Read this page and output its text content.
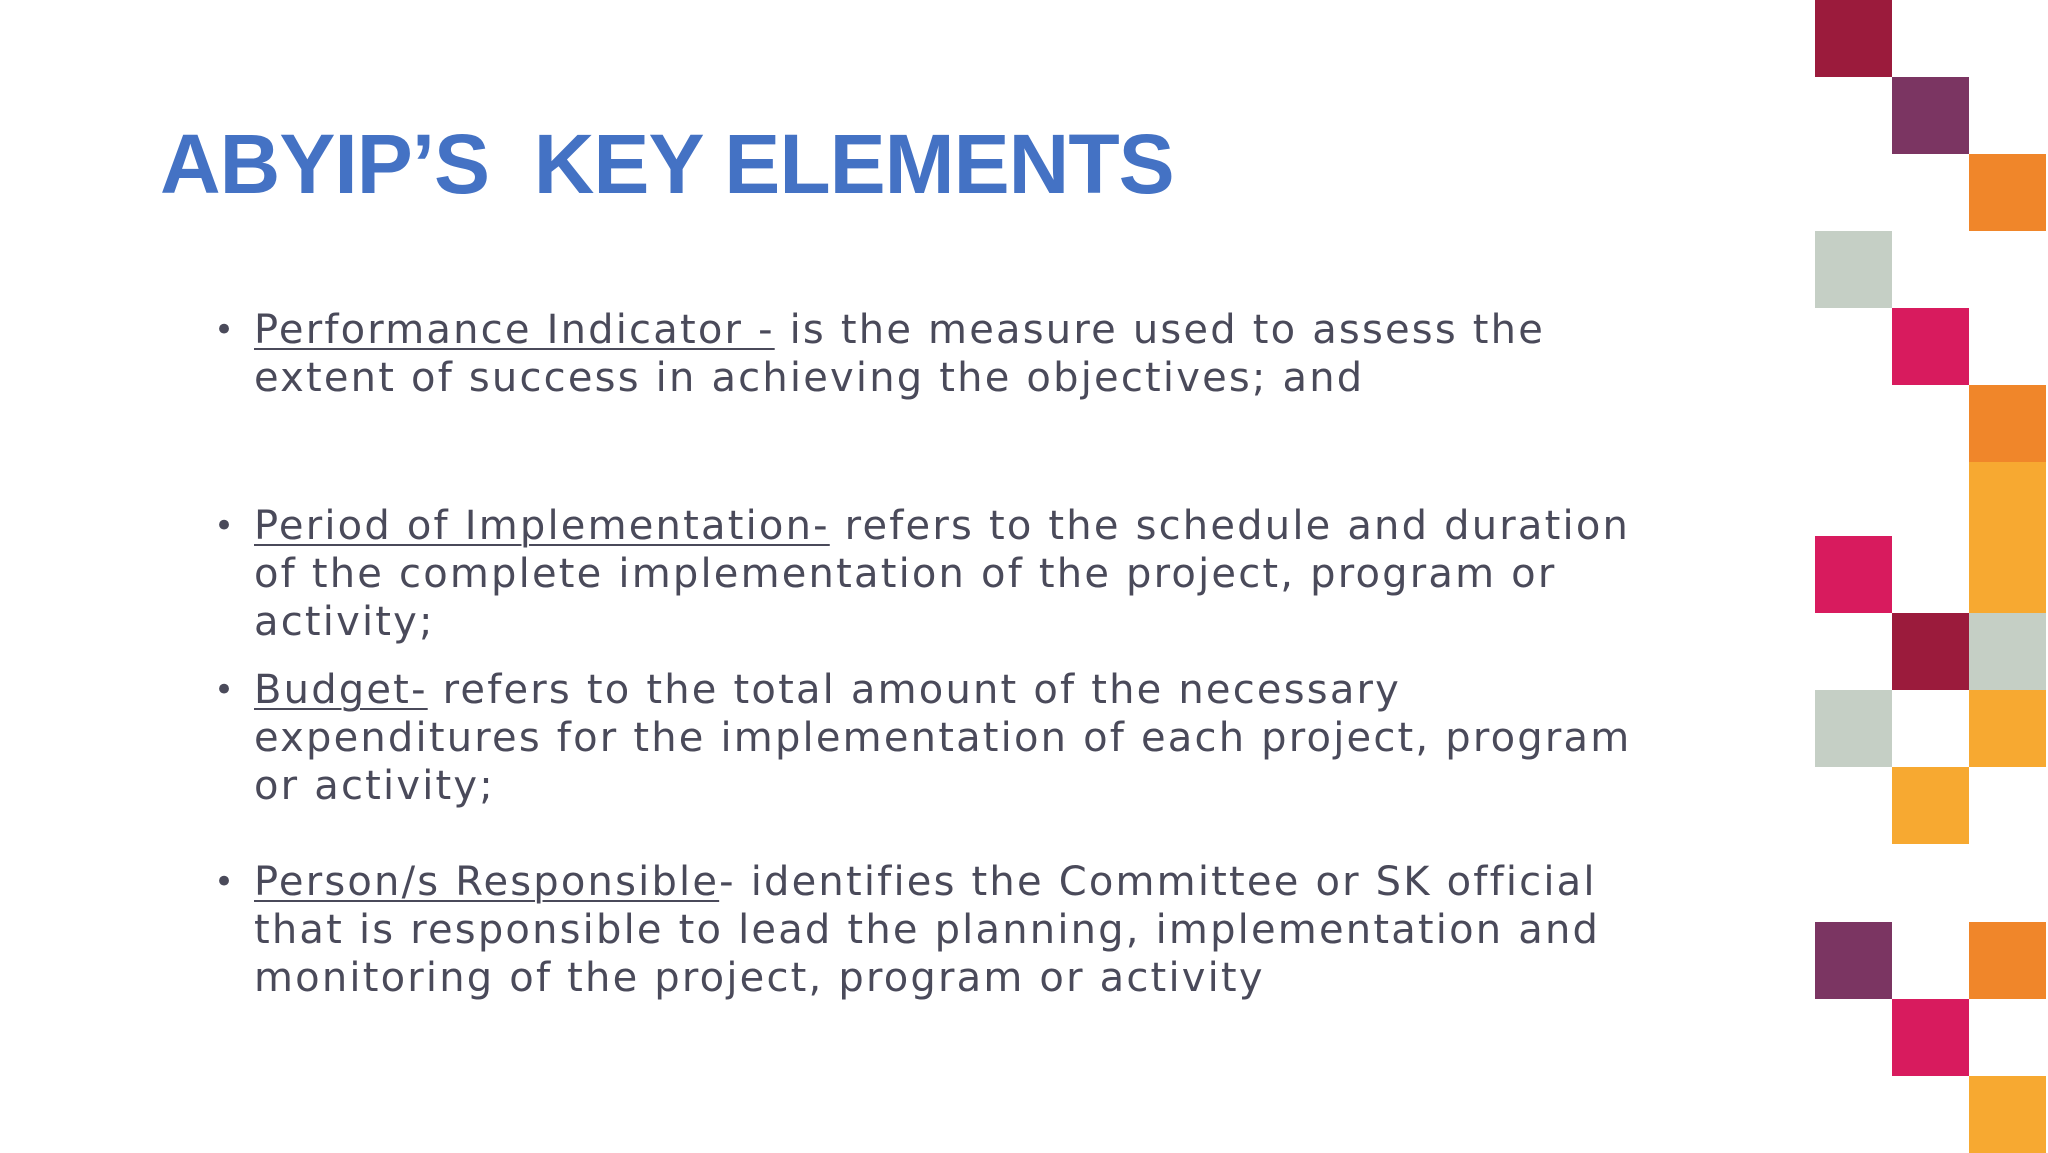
ABYIP’S  KEY ELEMENTS
• Performance Indicator - is the measure used to assess the extent of success in achieving the objectives; and
• Period of Implementation- refers to the schedule and duration of the complete implementation of the project, program or activity;
• Budget- refers to the total amount of the necessary expenditures for the implementation of each project, program or activity;
• Person/s Responsible- identifies the Committee or SK official that is responsible to lead the planning, implementation and monitoring of the project, program or activity
